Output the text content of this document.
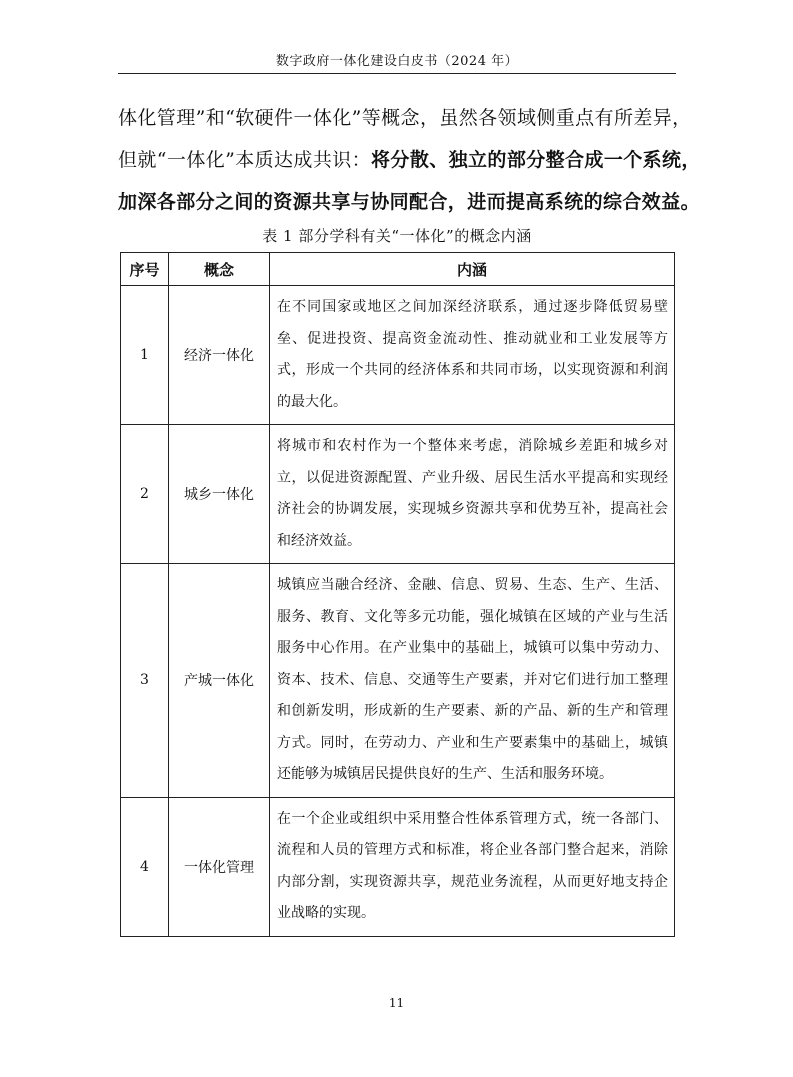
数字政府一体化建设白皮书（2024 年）
体化管理”和“软硬件一体化”等概念，虽然各领域侧重点有所差异，
但就“一体化”本质达成共识：将分散、独立的部分整合成一个系统，
加深各部分之间的资源共享与协同配合，进而提高系统的综合效益。
表 1 部分学科有关“一体化”的概念内涵
序号	概念	内涵
1	经济一体化	在不同国家或地区之间加深经济联系，通过逐步降低贸易壁垒、促进投资、提高资金流动性、推动就业和工业发展等方式，形成一个共同的经济体系和共同市场，以实现资源和利润的最大化。
2	城乡一体化	将城市和农村作为一个整体来考虑，消除城乡差距和城乡对立，以促进资源配置、产业升级、居民生活水平提高和实现经济社会的协调发展，实现城乡资源共享和优势互补，提高社会和经济效益。
3	产城一体化	城镇应当融合经济、金融、信息、贸易、生态、生产、生活、服务、教育、文化等多元功能，强化城镇在区域的产业与生活服务中心作用。在产业集中的基础上，城镇可以集中劳动力、资本、技术、信息、交通等生产要素，并对它们进行加工整理和创新发明，形成新的生产要素、新的产品、新的生产和管理方式。同时，在劳动力、产业和生产要素集中的基础上，城镇还能够为城镇居民提供良好的生产、生活和服务环境。
4	一体化管理	在一个企业或组织中采用整合性体系管理方式，统一各部门、流程和人员的管理方式和标准，将企业各部门整合起来，消除内部分割，实现资源共享，规范业务流程，从而更好地支持企业战略的实现。
11
